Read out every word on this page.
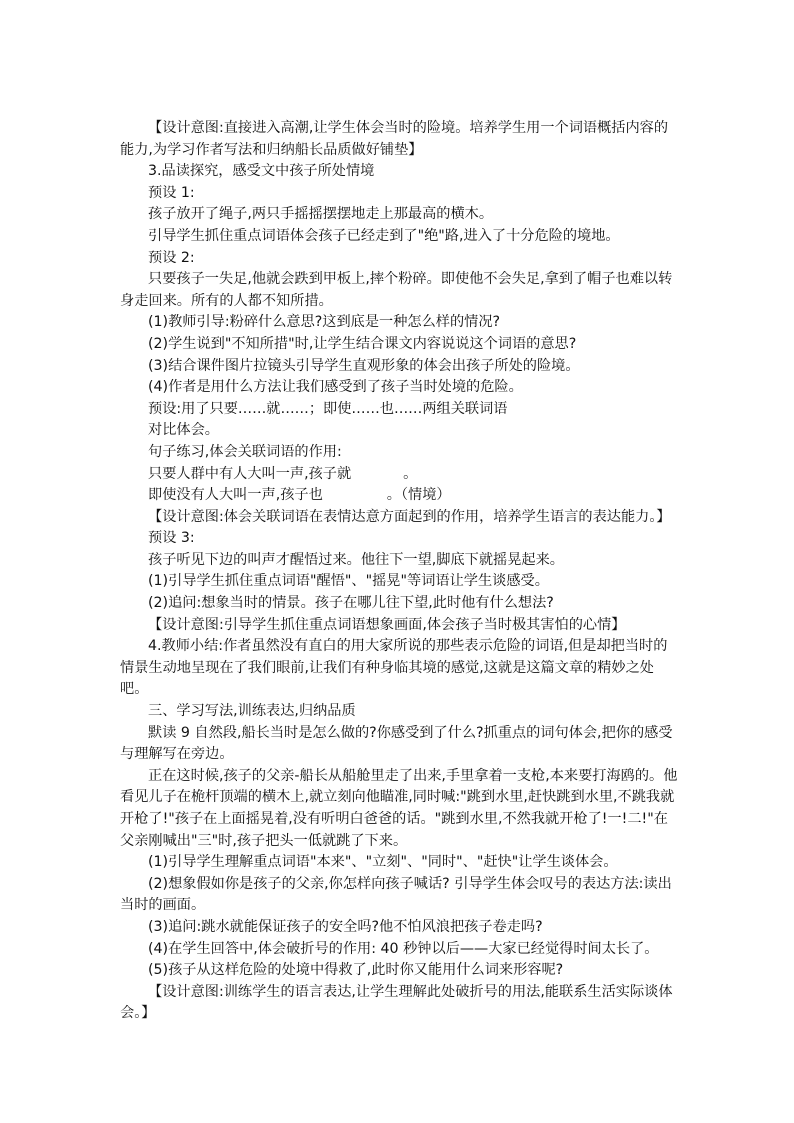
【设计意图:直接进入高潮,让学生体会当时的险境。培养学生用一个词语概括内容的能力,为学习作者写法和归纳船长品质做好铺垫】

3.品读探究，感受文中孩子所处情境

预设 1:

孩子放开了绳子,两只手摇摇摆摆地走上那最高的横木。

引导学生抓住重点词语体会孩子已经走到了"绝"路,进入了十分危险的境地。

预设 2:

只要孩子一失足,他就会跌到甲板上,摔个粉碎。即使他不会失足,拿到了帽子也难以转身走回来。所有的人都不知所措。

(1)教师引导:粉碎什么意思?这到底是一种怎么样的情况?

(2)学生说到"不知所措"时,让学生结合课文内容说说这个词语的意思?

(3)结合课件图片拉镜头引导学生直观形象的体会出孩子所处的险境。

(4)作者是用什么方法让我们感受到了孩子当时处境的危险。

预设:用了只要……就……；即使……也……两组关联词语

对比体会。

句子练习,体会关联词语的作用:

只要人群中有人大叫一声,孩子就	。

即使没有人大叫一声,孩子也	。（情境）

【设计意图:体会关联词语在表情达意方面起到的作用，培养学生语言的表达能力。】

预设 3:

孩子听见下边的叫声才醒悟过来。他往下一望,脚底下就摇晃起来。

(1)引导学生抓住重点词语"醒悟"、"摇晃"等词语让学生谈感受。

(2)追问:想象当时的情景。孩子在哪儿往下望,此时他有什么想法?

【设计意图:引导学生抓住重点词语想象画面,体会孩子当时极其害怕的心情】

4.教师小结:作者虽然没有直白的用大家所说的那些表示危险的词语,但是却把当时的情景生动地呈现在了我们眼前,让我们有种身临其境的感觉,这就是这篇文章的精妙之处吧。

三、学习写法,训练表达,归纳品质

默读 9 自然段,船长当时是怎么做的?你感受到了什么?抓重点的词句体会,把你的感受与理解写在旁边。

正在这时候,孩子的父亲-船长从船舱里走了出来,手里拿着一支枪,本来要打海鸥的。他看见儿子在桅杆顶端的横木上,就立刻向他瞄准,同时喊:"跳到水里,赶快跳到水里,不跳我就开枪了!"孩子在上面摇晃着,没有听明白爸爸的话。"跳到水里,不然我就开枪了!一!二!"在父亲刚喊出"三"时,孩子把头一低就跳了下来。

(1)引导学生理解重点词语"本来"、"立刻"、"同时"、"赶快"让学生谈体会。

(2)想象假如你是孩子的父亲,你怎样向孩子喊话? 引导学生体会叹号的表达方法:读出当时的画面。

(3)追问:跳水就能保证孩子的安全吗?他不怕风浪把孩子卷走吗?

(4)在学生回答中,体会破折号的作用: 40 秒钟以后——大家已经觉得时间太长了。

(5)孩子从这样危险的处境中得救了,此时你又能用什么词来形容呢?

【设计意图:训练学生的语言表达,让学生理解此处破折号的用法,能联系生活实际谈体会。】
